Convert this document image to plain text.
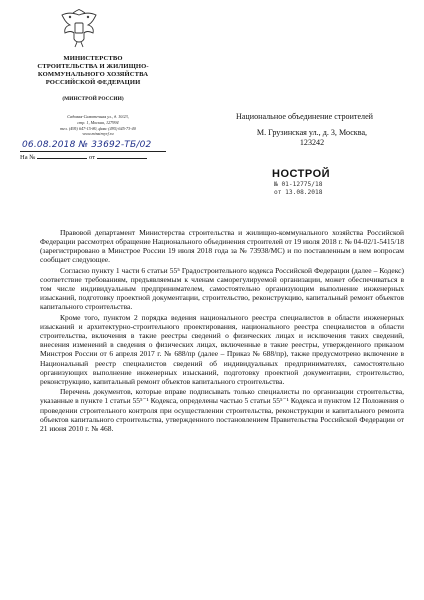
МИНИСТЕРСТВО
СТРОИТЕЛЬСТВА И ЖИЛИЩНО-
КОММУНАЛЬНОГО ХОЗЯЙСТВА
РОССИЙСКОЙ ФЕДЕРАЦИИ
(МИНСТРОЙ РОССИИ)
Садовая-Самотечная ул., д. 10/23,
стр. 1, Москва, 127994
тел. (495) 647-15-80, факс (495) 645-73-40
www.minstroyrf.ru
06.08.2018 № 33692-ТБ/02
На №	от
Национальное объединение строителей
М. Грузинская ул., д. 3, Москва,
123242
НОСТРОЙ
№ 01-12775/18
от 13.08.2018

Правовой департамент Министерства строительства и жилищно-коммунального хозяйства Российской Федерации рассмотрел обращение Национального объединения строителей от 19 июля 2018 г. № 04-02/1-5415/18 (зарегистрировано в Минстрое России 19 июля 2018 года за № 73938/МС) и по поставленным в нем вопросам сообщает следующее.

Согласно пункту 1 части 6 статьи 55⁵ Градостроительного кодекса Российской Федерации (далее – Кодекс) соответствие требованиям, предъявляемым к членам саморегулируемой организации, может обеспечиваться в том числе индивидуальным предпринимателем, самостоятельно организующим выполнение инженерных изысканий, подготовку проектной документации, строительство, реконструкцию, капитальный ремонт объектов капитального строительства.

Кроме того, пунктом 2 порядка ведения национального реестра специалистов в области инженерных изысканий и архитектурно-строительного проектирования, национального реестра специалистов в области строительства, включения в такие реестры сведений о физических лицах и исключения таких сведений, внесения изменений в сведения о физических лицах, включенные в такие реестры, утвержденного приказом Минстроя России от 6 апреля 2017 г. № 688/пр (далее – Приказ № 688/пр), также предусмотрено включение в Национальный реестр специалистов сведений об индивидуальных предпринимателях, самостоятельно организующих выполнение инженерных изысканий, подготовку проектной документации, строительство, реконструкцию, капитальный ремонт объектов капитального строительства.

Перечень документов, которые вправе подписывать только специалисты по организации строительства, указанные в пункте 1 статьи 55⁵⁻¹ Кодекса, определены частью 5 статьи 55⁵⁻¹ Кодекса и пунктом 12 Положения о проведении строительного контроля при осуществлении строительства, реконструкции и капитального ремонта объектов капитального строительства, утвержденного постановлением Правительства Российской Федерации от 21 июня 2010 г. № 468.
